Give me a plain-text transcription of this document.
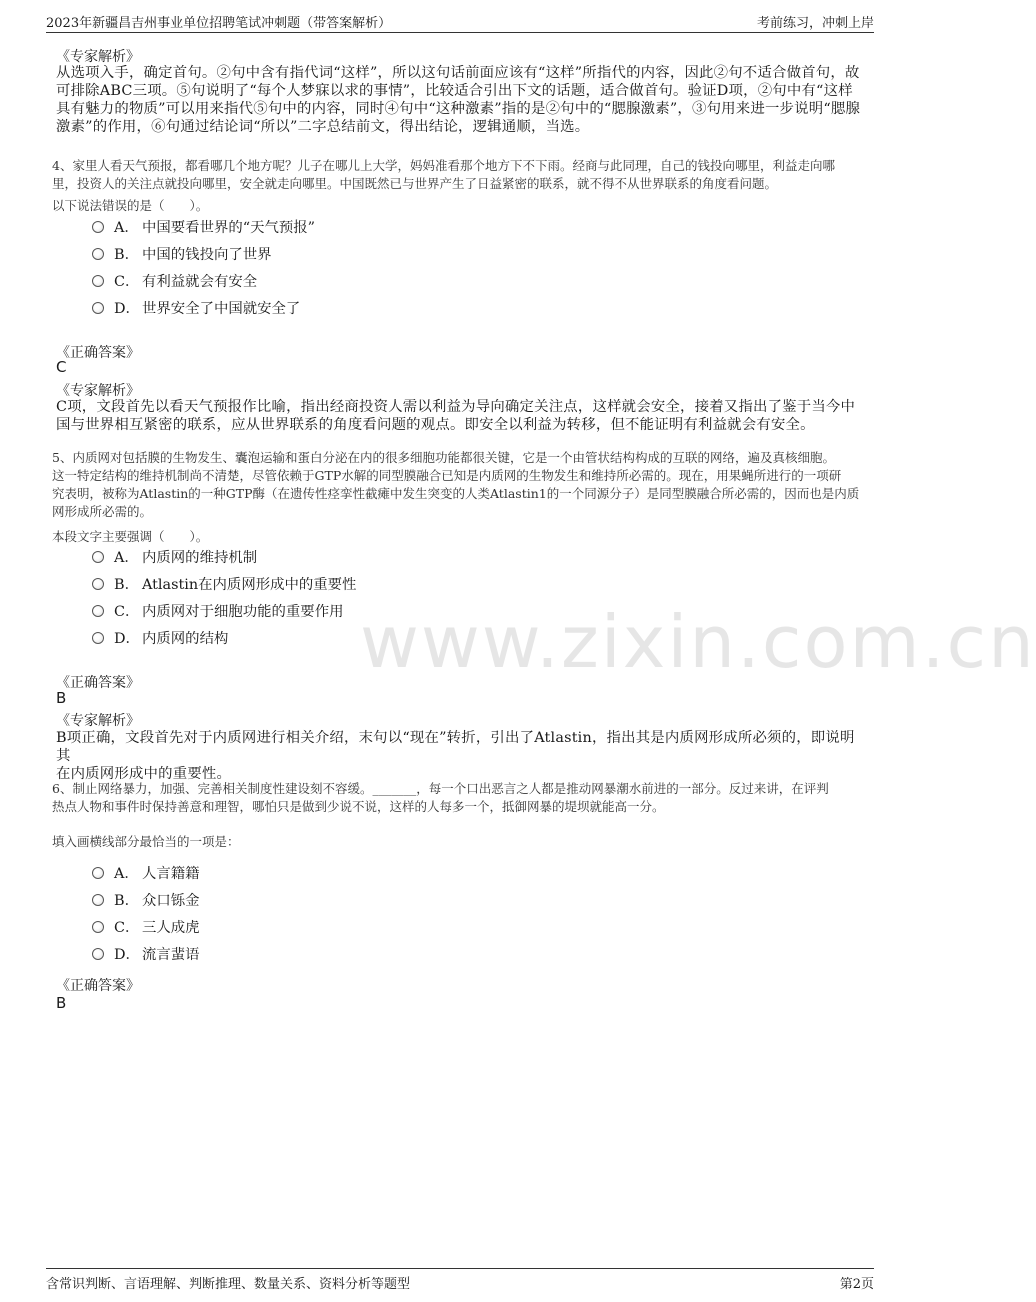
2023年新疆昌吉州事业单位招聘笔试冲刺题（带答案解析）	考前练习，冲刺上岸
www.zixin.com.cn
《专家解析》
从选项入手，确定首句。②句中含有指代词“这样”，所以这句话前面应该有“这样”所指代的内容，因此②句不适合做首句，故
可排除ABC三项。⑤句说明了“每个人梦寐以求的事情”，比较适合引出下文的话题，适合做首句。验证D项，②句中有“这样
具有魅力的物质”可以用来指代⑤句中的内容，同时④句中“这种激素”指的是②句中的“腮腺激素”，③句用来进一步说明“腮腺
激素”的作用，⑥句通过结论词“所以”二字总结前文，得出结论，逻辑通顺，当选。
4、家里人看天气预报，都看哪几个地方呢？儿子在哪儿上大学，妈妈准看那个地方下不下雨。经商与此同理，自己的钱投向哪里，利益走向哪
里，投资人的关注点就投向哪里，安全就走向哪里。中国既然已与世界产生了日益紧密的联系，就不得不从世界联系的角度看问题。
以下说法错误的是（　　）。
A． 中国要看世界的“天气预报”
B． 中国的钱投向了世界
C． 有利益就会有安全
D． 世界安全了中国就安全了
《正确答案》
C
《专家解析》
C项，文段首先以看天气预报作比喻，指出经商投资人需以利益为导向确定关注点，这样就会安全，接着又指出了鉴于当今中
国与世界相互紧密的联系，应从世界联系的角度看问题的观点。即安全以利益为转移，但不能证明有利益就会有安全。
5、内质网对包括膜的生物发生、囊泡运输和蛋白分泌在内的很多细胞功能都很关键，它是一个由管状结构构成的互联的网络，遍及真核细胞。
这一特定结构的维持机制尚不清楚，尽管依赖于GTP水解的同型膜融合已知是内质网的生物发生和维持所必需的。现在，用果蝇所进行的一项研
究表明，被称为Atlastin的一种GTP酶（在遗传性痉挛性截瘫中发生突变的人类Atlastin1的一个同源分子）是同型膜融合所必需的，因而也是内质
网形成所必需的。
本段文字主要强调（　　）。
A． 内质网的维持机制
B． Atlastin在内质网形成中的重要性
C． 内质网对于细胞功能的重要作用
D． 内质网的结构
《正确答案》
B
《专家解析》
B项正确，文段首先对于内质网进行相关介绍，末句以“现在”转折，引出了Atlastin，指出其是内质网形成所必须的，即说明其
在内质网形成中的重要性。
6、制止网络暴力，加强、完善相关制度性建设刻不容缓。_______，每一个口出恶言之人都是推动网暴潮水前进的一部分。反过来讲，在评判
热点人物和事件时保持善意和理智，哪怕只是做到少说不说，这样的人每多一个，抵御网暴的堤坝就能高一分。
填入画横线部分最恰当的一项是：
A． 人言籍籍
B． 众口铄金
C． 三人成虎
D． 流言蜚语
《正确答案》
B
含常识判断、言语理解、判断推理、数量关系、资料分析等题型	第2页
